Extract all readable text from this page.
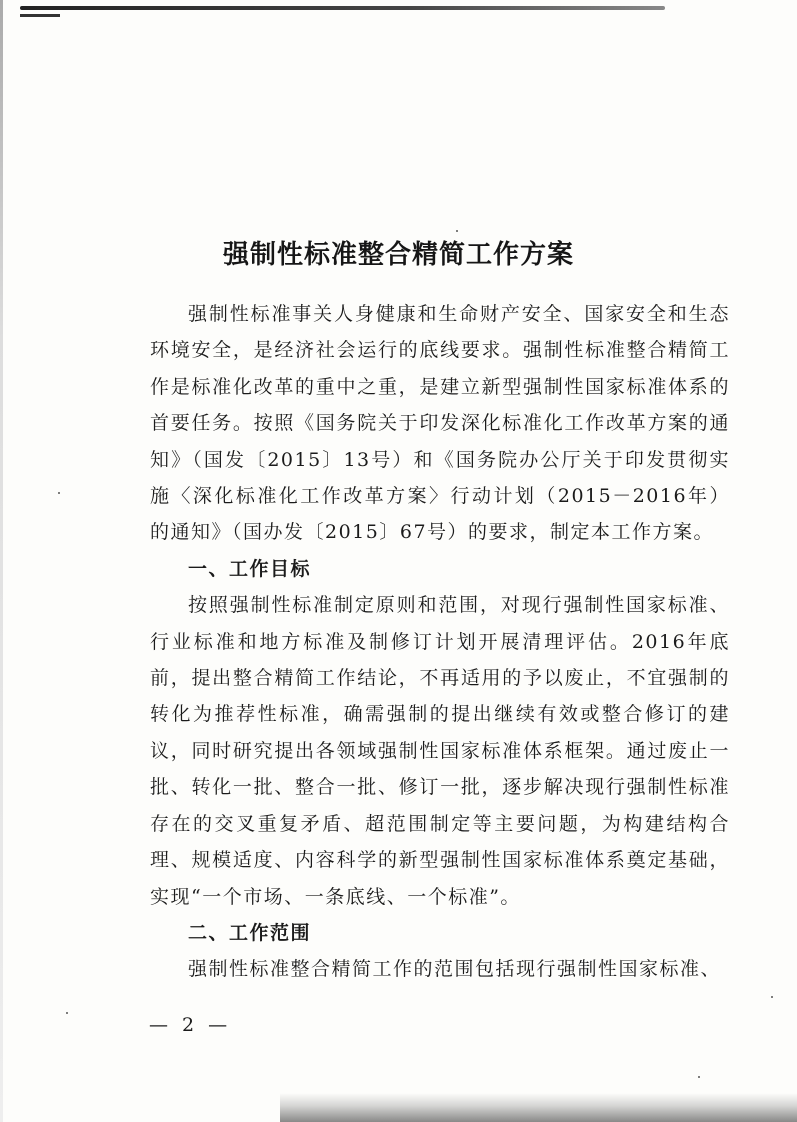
强制性标准整合精简工作方案

强制性标准事关人身健康和生命财产安全、国家安全和生态环境安全，是经济社会运行的底线要求。强制性标准整合精简工作是标准化改革的重中之重，是建立新型强制性国家标准体系的首要任务。按照《国务院关于印发深化标准化工作改革方案的通知》（国发〔2015〕13号）和《国务院办公厅关于印发贯彻实施〈深化标准化工作改革方案〉行动计划（2015－2016年）的通知》（国办发〔2015〕67号）的要求，制定本工作方案。

一、工作目标

按照强制性标准制定原则和范围，对现行强制性国家标准、行业标准和地方标准及制修订计划开展清理评估。2016年底前，提出整合精简工作结论，不再适用的予以废止，不宜强制的转化为推荐性标准，确需强制的提出继续有效或整合修订的建议，同时研究提出各领域强制性国家标准体系框架。通过废止一批、转化一批、整合一批、修订一批，逐步解决现行强制性标准存在的交叉重复矛盾、超范围制定等主要问题，为构建结构合理、规模适度、内容科学的新型强制性国家标准体系奠定基础，实现“一个市场、一条底线、一个标准”。

二、工作范围

强制性标准整合精简工作的范围包括现行强制性国家标准、

— 2 —
